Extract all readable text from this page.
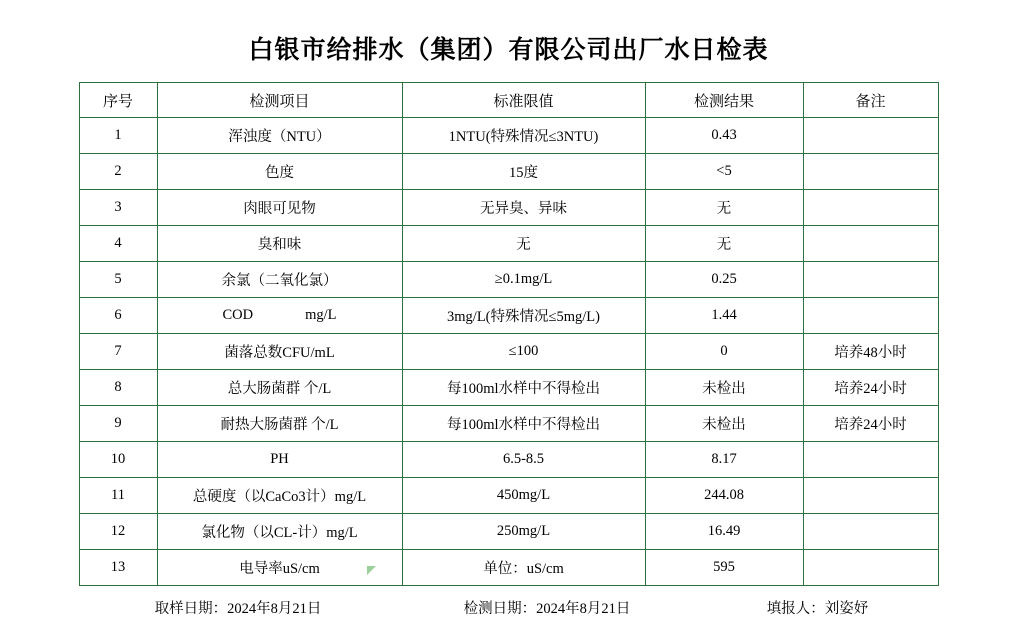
白银市给排水（集团）有限公司出厂水日检表
序号	检测项目	标准限值	检测结果	备注
1	浑浊度（NTU）	1NTU(特殊情况≤3NTU)	0.43	
2	色度	15度	<5	
3	肉眼可见物	无异臭、异味	无	
4	臭和味	无	无	
5	余氯（二氧化氯）	≥0.1mg/L	0.25	
6	COD mg/L	3mg/L(特殊情况≤5mg/L)	1.44	
7	菌落总数CFU/mL	≤100	0	培养48小时
8	总大肠菌群 个/L	每100ml水样中不得检出	未检出	培养24小时
9	耐热大肠菌群 个/L	每100ml水样中不得检出	未检出	培养24小时
10	PH	6.5-8.5	8.17	
11	总硬度（以CaCo3计）mg/L	450mg/L	244.08	
12	氯化物（以CL-计）mg/L	250mg/L	16.49	
13	电导率uS/cm	单位：uS/cm	595	
取样日期：2024年8月21日	检测日期：2024年8月21日	填报人：刘姿妤
